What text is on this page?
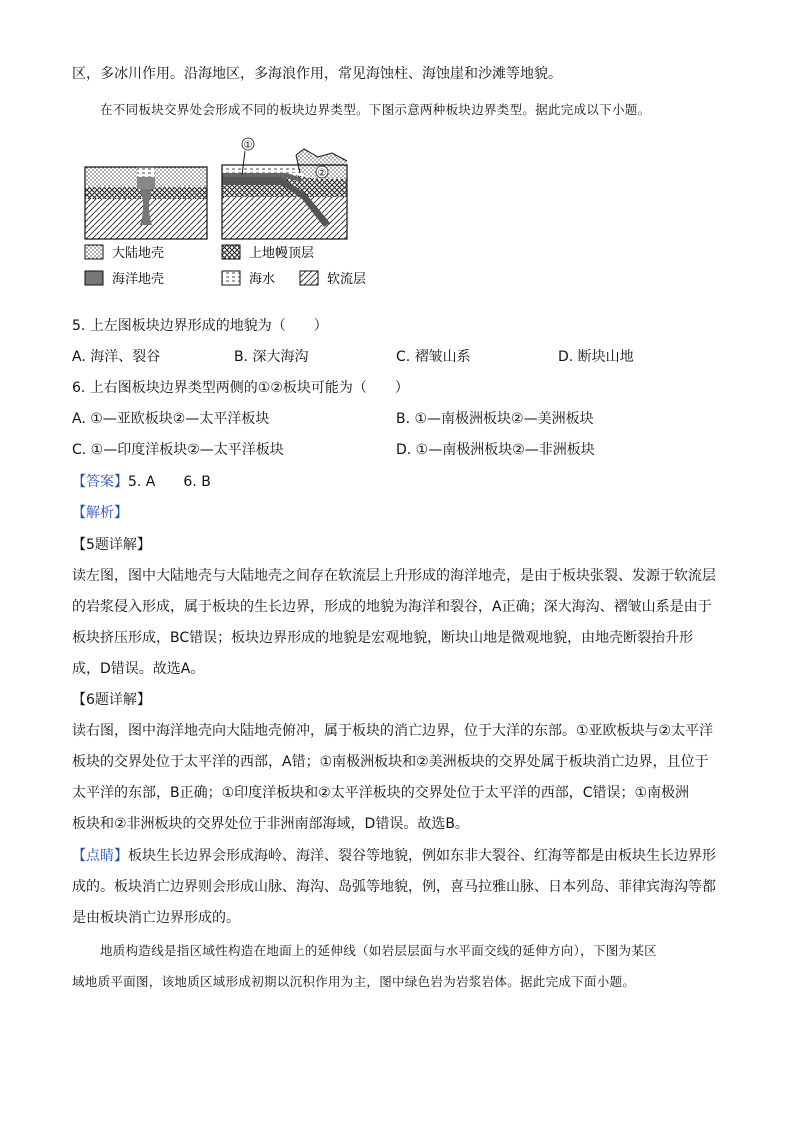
区，多冰川作用。沿海地区，多海浪作用，常见海蚀柱、海蚀崖和沙滩等地貌。
在不同板块交界处会形成不同的板块边界类型。下图示意两种板块边界类型。据此完成以下小题。
①
②
大陆地壳	上地幔顶层
海洋地壳	海水	软流层
5. 上左图板块边界形成的地貌为（　　）
A. 海洋、裂谷	B. 深大海沟	C. 褶皱山系	D. 断块山地
6. 上右图板块边界类型两侧的①②板块可能为（　　）
A. ①—亚欧板块②—太平洋板块	B. ①—南极洲板块②—美洲板块
C. ①—印度洋板块②—太平洋板块	D. ①—南极洲板块②—非洲板块
【答案】5. A　　6. B
【解析】
【5题详解】
读左图，图中大陆地壳与大陆地壳之间存在软流层上升形成的海洋地壳，是由于板块张裂、发源于软流层
的岩浆侵入形成，属于板块的生长边界，形成的地貌为海洋和裂谷，A正确；深大海沟、褶皱山系是由于
板块挤压形成，BC错误；板块边界形成的地貌是宏观地貌，断块山地是微观地貌，由地壳断裂抬升形
成，D错误。故选A。
【6题详解】
读右图，图中海洋地壳向大陆地壳俯冲，属于板块的消亡边界，位于大洋的东部。①亚欧板块与②太平洋
板块的交界处位于太平洋的西部，A错；①南极洲板块和②美洲板块的交界处属于板块消亡边界，且位于
太平洋的东部，B正确；①印度洋板块和②太平洋板块的交界处位于太平洋的西部，C错误；①南极洲
板块和②非洲板块的交界处位于非洲南部海域，D错误。故选B。
【点睛】板块生长边界会形成海岭、海洋、裂谷等地貌，例如东非大裂谷、红海等都是由板块生长边界形
成的。板块消亡边界则会形成山脉、海沟、岛弧等地貌，例，喜马拉雅山脉、日本列岛、菲律宾海沟等都
是由板块消亡边界形成的。
地质构造线是指区域性构造在地面上的延伸线（如岩层层面与水平面交线的延伸方向），下图为某区
域地质平面图，该地质区域形成初期以沉积作用为主，图中绿色岩为岩浆岩体。据此完成下面小题。
